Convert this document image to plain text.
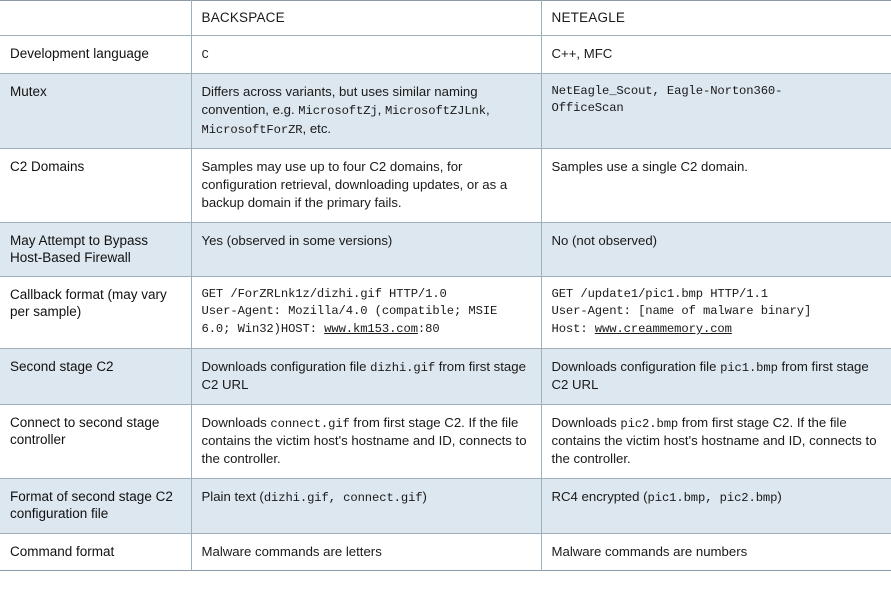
	BACKSPACE	NETEAGLE
Development language	C	C++, MFC
Mutex	Differs across variants, but uses similar naming convention, e.g. MicrosoftZj, MicrosoftZJLnk, MicrosoftForZR, etc.	NetEagle_Scout, Eagle-Norton360-
OfficeScan

C2 Domains	Samples may use up to four C2 domains, for configuration retrieval, downloading updates, or as a backup domain if the primary fails.	Samples use a single C2 domain.
May Attempt to Bypass Host-Based Firewall	Yes (observed in some versions)	No (not observed)
Callback format (may vary per sample)	GET /ForZRLnk1z/dizhi.gif HTTP/1.0
User-Agent: Mozilla/4.0 (compatible; MSIE
6.0; Win32)HOST: www.km153.com:80	GET /update1/pic1.bmp HTTP/1.1
User-Agent: [name of malware binary]
Host: www.creammemory.com
Second stage C2	Downloads configuration file dizhi.gif from first stage C2 URL	Downloads configuration file pic1.bmp from first stage C2 URL
Connect to second stage controller	Downloads connect.gif from first stage C2. If the file contains the victim host's hostname and ID, connects to the controller.	Downloads pic2.bmp from first stage C2. If the file contains the victim host's hostname and ID, connects to the controller.
Format of second stage C2 configuration file	Plain text (dizhi.gif, connect.gif)	RC4 encrypted (pic1.bmp, pic2.bmp)
Command format	Malware commands are letters	Malware commands are numbers
